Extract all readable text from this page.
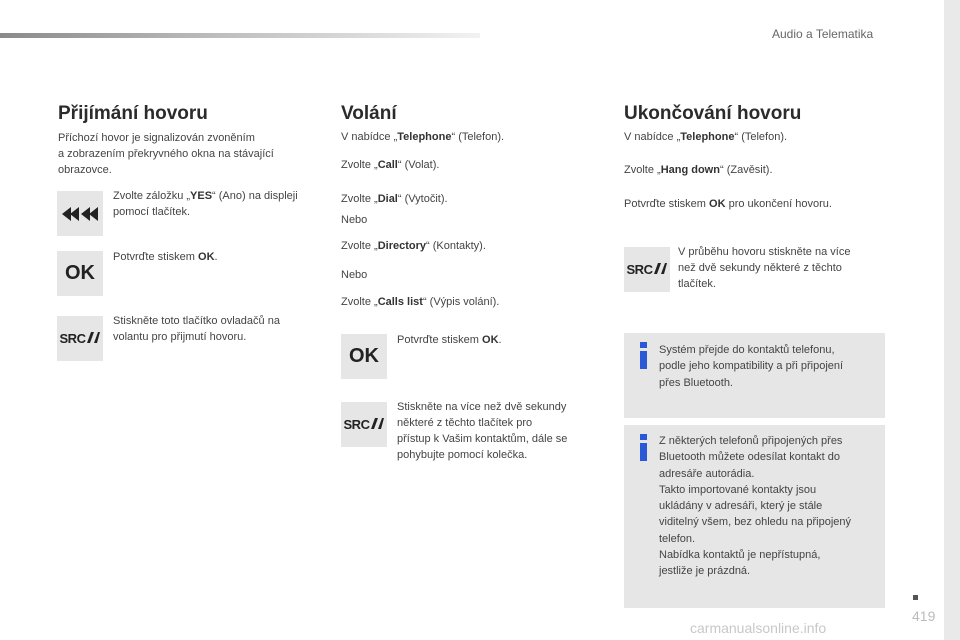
Audio a Telematika
Přijímání hovoru
Příchozí hovor je signalizován zvoněním
a zobrazením překryvného okna na stávající
obrazovce.
Zvolte záložku „YES“ (Ano) na displeji
pomocí tlačítek.
OK
Potvrďte stiskem OK.
SRC
Stiskněte toto tlačítko ovladačů na
volantu pro přijmutí hovoru.
Volání
V nabídce „Telephone“ (Telefon).
Zvolte „Call“ (Volat).
Zvolte „Dial“ (Vytočit).
Nebo
Zvolte „Directory“ (Kontakty).
Nebo
Zvolte „Calls list“ (Výpis volání).
OK
Potvrďte stiskem OK.
SRC
Stiskněte na více než dvě sekundy
některé z těchto tlačítek pro
přístup k Vašim kontaktům, dále se
pohybujte pomocí kolečka.
Ukončování hovoru
V nabídce „Telephone“ (Telefon).
Zvolte „Hang down“ (Zavěsit).
Potvrďte stiskem OK pro ukončení hovoru.
SRC
V průběhu hovoru stiskněte na více
než dvě sekundy některé z těchto
tlačítek.
Systém přejde do kontaktů telefonu,
podle jeho kompatibility a při připojení
přes Bluetooth.
Z některých telefonů připojených přes
Bluetooth můžete odesílat kontakt do
adresáře autorádia.
Takto importované kontakty jsou
ukládány v adresáři, který je stále
viditelný všem, bez ohledu na připojený
telefon.
Nabídka kontaktů je nepřístupná,
jestliže je prázdná.
419
carmanualsonline.info
